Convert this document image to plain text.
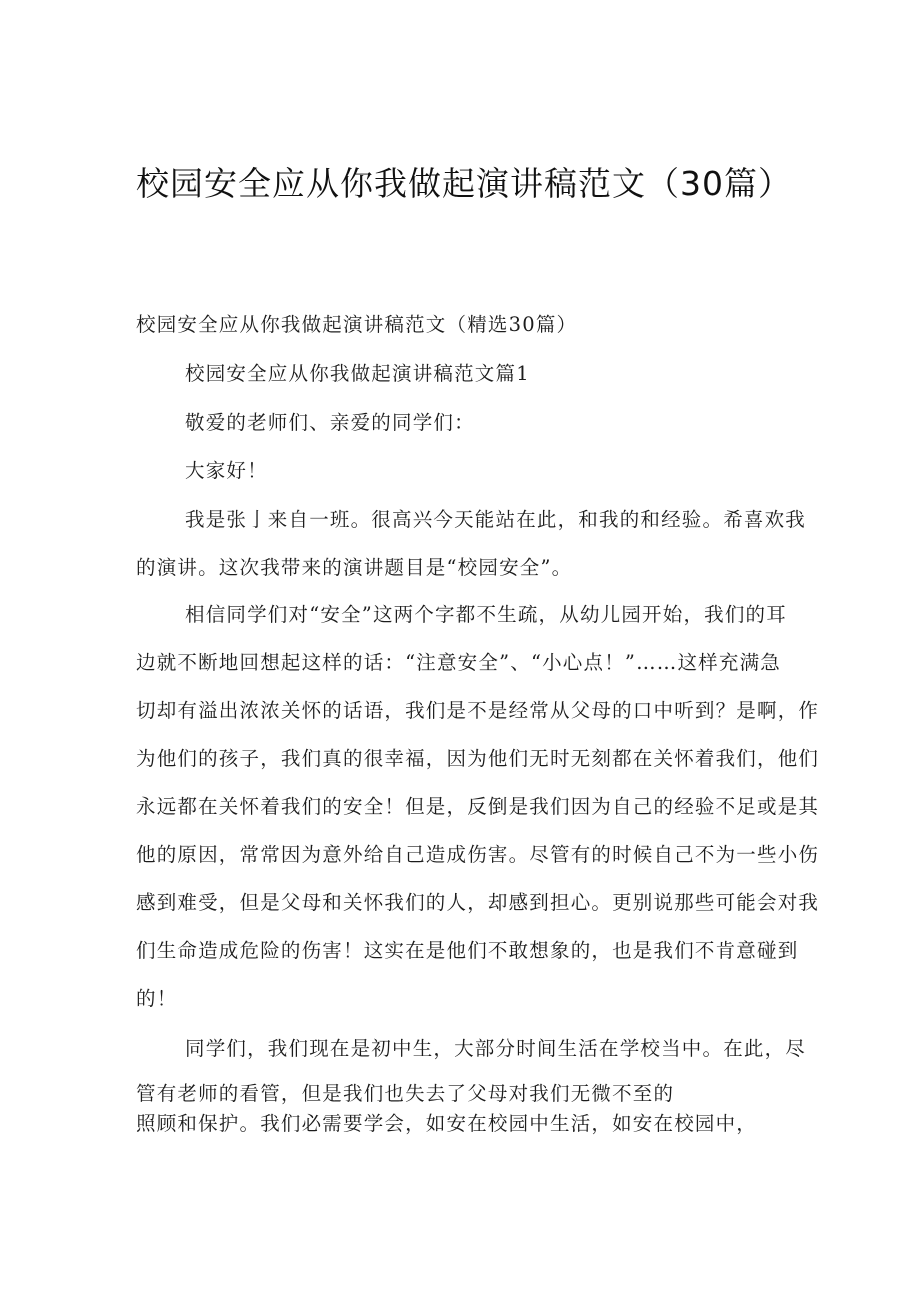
校园安全应从你我做起演讲稿范文（30篇）
校园安全应从你我做起演讲稿范文（精选30篇）
校园安全应从你我做起演讲稿范文篇1
敬爱的老师们、亲爱的同学们：
大家好！
我是张亅来自一班。很高兴今天能站在此，和我的和经验。希喜欢我
的演讲。这次我带来的演讲题目是“校园安全”。
相信同学们对“安全”这两个字都不生疏，从幼儿园开始，我们的耳
边就不断地回想起这样的话：“注意安全”、“小心点！”……这样充满急
切却有溢出浓浓关怀的话语，我们是不是经常从父母的口中听到？是啊，作
为他们的孩子，我们真的很幸福，因为他们无时无刻都在关怀着我们，他们
永远都在关怀着我们的安全！但是，反倒是我们因为自己的经验不足或是其
他的原因，常常因为意外给自己造成伤害。尽管有的时候自己不为一些小伤
感到难受，但是父母和关怀我们的人，却感到担心。更别说那些可能会对我
们生命造成危险的伤害！这实在是他们不敢想象的，也是我们不肯意碰到
的！
同学们，我们现在是初中生，大部分时间生活在学校当中。在此，尽
管有老师的看管，但是我们也失去了父母对我们无微不至的
照顾和保护。我们必需要学会，如安在校园中生活，如安在校园中，
